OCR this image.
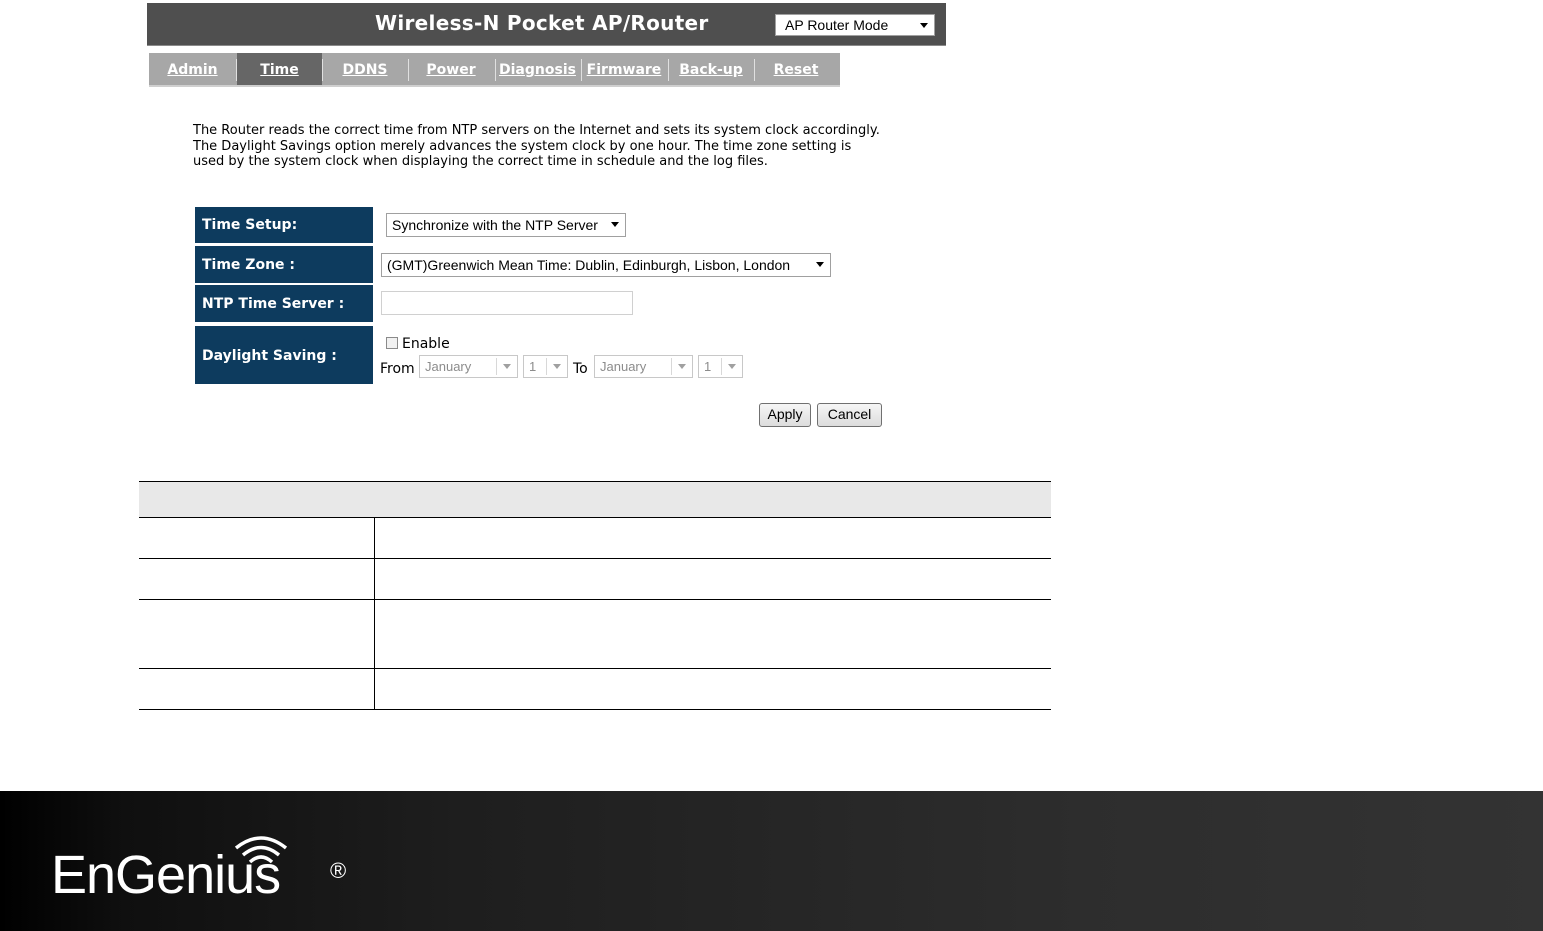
Wireless-N Pocket AP/Router	AP Router Mode
Admin	Time	DDNS	Power	Diagnosis Firmware	Back-up	Reset
The Router reads the correct time from NTP servers on the Internet and sets its system clock accordingly. The Daylight Savings option merely advances the system clock by one hour. The time zone setting is used by the system clock when displaying the correct time in schedule and the log files.
Time Setup:	Synchronize with the NTP Server
Time Zone :	(GMT)Greenwich Mean Time: Dublin, Edinburgh, Lisbon, London
NTP Time Server :
Daylight Saving :
Enable
From January	1	To January	1
Apply	Cancel
EnGenius ®
